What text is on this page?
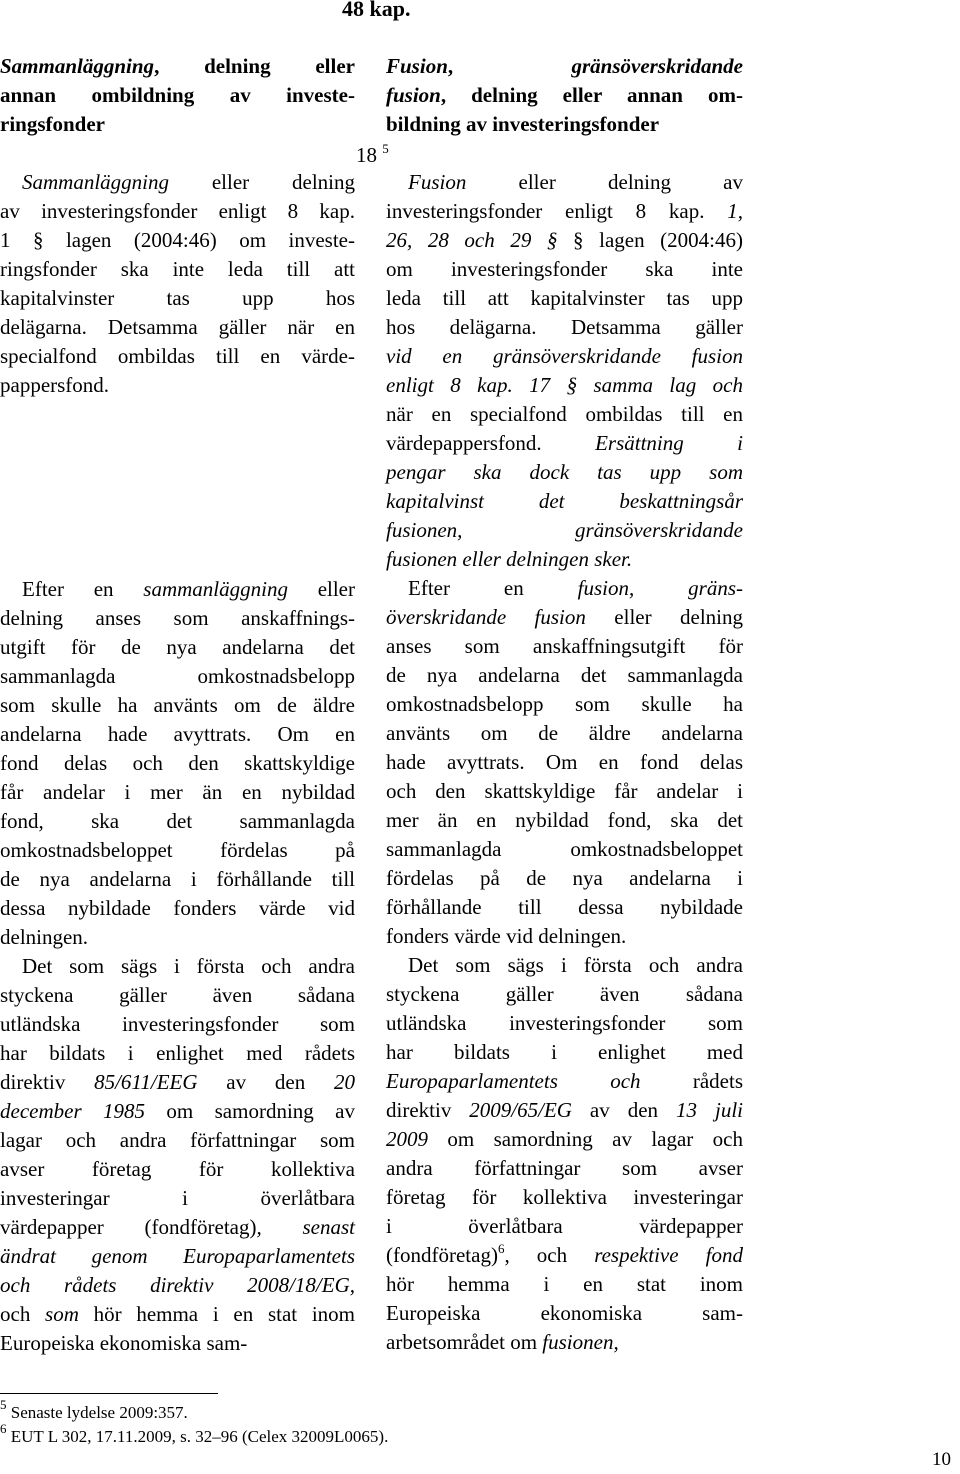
48 kap.
Sammanläggning, delning eller
annan ombildning av investe-
ringsfonder
Sammanläggning eller delning
av investeringsfonder enligt 8 kap.
1 § lagen (2004:46) om investe-
ringsfonder ska inte leda till att
kapitalvinster tas upp hos
delägarna. Detsamma gäller när en
specialfond ombildas till en värde-
pappersfond.
Efter en sammanläggning eller
delning anses som anskaffnings-
utgift för de nya andelarna det
sammanlagda omkostnadsbelopp
som skulle ha använts om de äldre
andelarna hade avyttrats. Om en
fond delas och den skattskyldige
får andelar i mer än en nybildad
fond, ska det sammanlagda
omkostnadsbeloppet fördelas på
de nya andelarna i förhållande till
dessa nybildade fonders värde vid
delningen.
Det som sägs i första och andra
styckena gäller även sådana
utländska investeringsfonder som
har bildats i enlighet med rådets
direktiv 85/611/EEG av den 20
december 1985 om samordning av
lagar och andra författningar som
avser företag för kollektiva
investeringar i överlåtbara
värdepapper (fondföretag), senast
ändrat genom Europaparlamentets
och rådets direktiv 2008/18/EG,
och som hör hemma i en stat inom
Europeiska ekonomiska sam-
18 $^5$
Fusion, gränsöverskridande
fusion, delning eller annan om-
bildning av investeringsfonder
Fusion eller delning av
investeringsfonder enligt 8 kap. 1,
26, 28 och 29 § § lagen (2004:46)
om investeringsfonder ska inte
leda till att kapitalvinster tas upp
hos delägarna. Detsamma gäller
vid en gränsöverskridande fusion
enligt 8 kap. 17 § samma lag och
när en specialfond ombildas till en
värdepappersfond. Ersättning i
pengar ska dock tas upp som
kapitalvinst det beskattningsår
fusionen, gränsöverskridande
fusionen eller delningen sker.
Efter en fusion, gräns-
överskridande fusion eller delning
anses som anskaffningsutgift för
de nya andelarna det sammanlagda
omkostnadsbelopp som skulle ha
använts om de äldre andelarna
hade avyttrats. Om en fond delas
och den skattskyldige får andelar i
mer än en nybildad fond, ska det
sammanlagda omkostnadsbeloppet
fördelas på de nya andelarna i
förhållande till dessa nybildade
fonders värde vid delningen.
Det som sägs i första och andra
styckena gäller även sådana
utländska investeringsfonder som
har bildats i enlighet med
Europaparlamentets och rådets
direktiv 2009/65/EG av den 13 juli
2009 om samordning av lagar och
andra författningar som avser
företag för kollektiva investeringar
i överlåtbara värdepapper
(fondföretag)$^6$, och respektive fond
hör hemma i en stat inom
Europeiska ekonomiska sam-
arbetsområdet om fusionen,
$^5$ Senaste lydelse 2009:357.
$^6$ EUT L 302, 17.11.2009, s. 32–96 (Celex 32009L0065).
10
